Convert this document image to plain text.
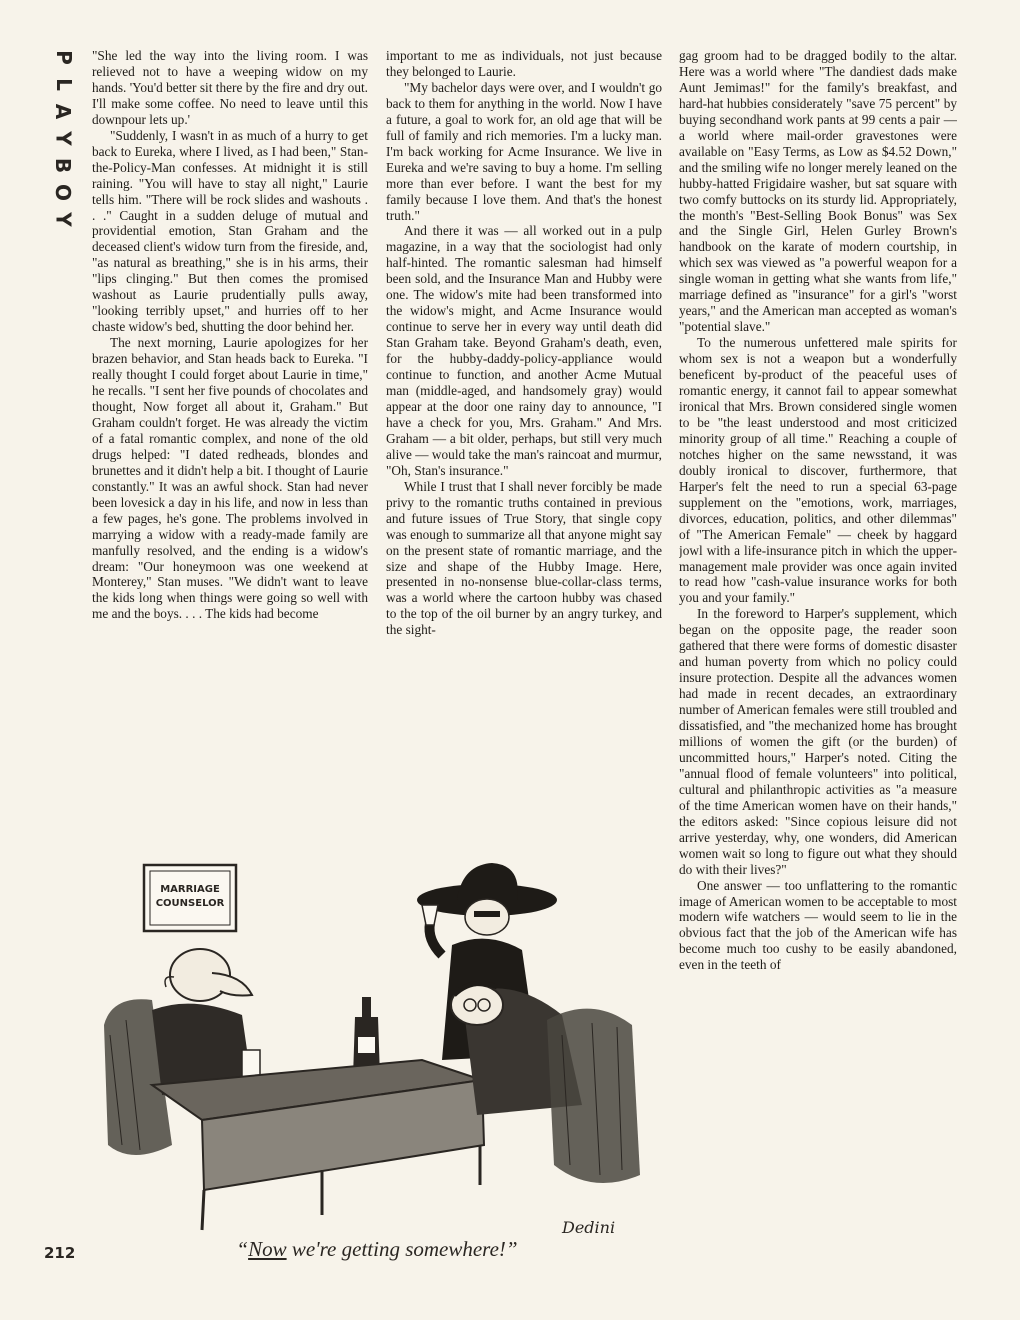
P
L
A
Y
B
O
Y

"She led the way into the living room. I was relieved not to have a weeping widow on my hands. 'You'd better sit there by the fire and dry out. I'll make some coffee. No need to leave until this downpour lets up.'

"Suddenly, I wasn't in as much of a hurry to get back to Eureka, where I lived, as I had been," Stan-the-Policy-Man confesses. At midnight it is still raining. "You will have to stay all night," Laurie tells him. "There will be rock slides and washouts . . ." Caught in a sudden deluge of mutual and providential emotion, Stan Graham and the deceased client's widow turn from the fireside, and, "as natural as breathing," she is in his arms, their "lips clinging." But then comes the promised washout as Laurie prudentially pulls away, "looking terribly upset," and hurries off to her chaste widow's bed, shutting the door behind her.

The next morning, Laurie apologizes for her brazen behavior, and Stan heads back to Eureka. "I really thought I could forget about Laurie in time," he recalls. "I sent her five pounds of chocolates and thought, Now forget all about it, Graham." But Graham couldn't forget. He was already the victim of a fatal romantic complex, and none of the old drugs helped: "I dated redheads, blondes and brunettes and it didn't help a bit. I thought of Laurie constantly." It was an awful shock. Stan had never been lovesick a day in his life, and now in less than a few pages, he's gone. The problems involved in marrying a widow with a ready-made family are manfully resolved, and the ending is a widow's dream: "Our honeymoon was one weekend at Monterey," Stan muses. "We didn't want to leave the kids long when things were going so well with me and the boys. . . . The kids had become

important to me as individuals, not just because they belonged to Laurie.

"My bachelor days were over, and I wouldn't go back to them for anything in the world. Now I have a future, a goal to work for, an old age that will be full of family and rich memories. I'm a lucky man. I'm back working for Acme Insurance. We live in Eureka and we're saving to buy a home. I'm selling more than ever before. I want the best for my family because I love them. And that's the honest truth."

And there it was — all worked out in a pulp magazine, in a way that the sociologist had only half-hinted. The romantic salesman had himself been sold, and the Insurance Man and Hubby were one. The widow's mite had been transformed into the widow's might, and Acme Insurance would continue to serve her in every way until death did Stan Graham take. Beyond Graham's death, even, for the hubby-daddy-policy-appliance would continue to function, and another Acme Mutual man (middle-aged, and handsomely gray) would appear at the door one rainy day to announce, "I have a check for you, Mrs. Graham." And Mrs. Graham — a bit older, perhaps, but still very much alive — would take the man's raincoat and murmur, "Oh, Stan's insurance."

While I trust that I shall never forcibly be made privy to the romantic truths contained in previous and future issues of True Story, that single copy was enough to summarize all that anyone might say on the present state of romantic marriage, and the size and shape of the Hubby Image. Here, presented in no-nonsense blue-collar-class terms, was a world where the cartoon hubby was chased to the top of the oil burner by an angry turkey, and the sight-

gag groom had to be dragged bodily to the altar. Here was a world where "The dandiest dads make Aunt Jemimas!" for the family's breakfast, and hard-hat hubbies considerately "save 75 percent" by buying secondhand work pants at 99 cents a pair — a world where mail-order gravestones were available on "Easy Terms, as Low as $4.52 Down," and the smiling wife no longer merely leaned on the hubby-hatted Frigidaire washer, but sat square with two comfy buttocks on its sturdy lid. Appropriately, the month's "Best-Selling Book Bonus" was Sex and the Single Girl, Helen Gurley Brown's handbook on the karate of modern courtship, in which sex was viewed as "a powerful weapon for a single woman in getting what she wants from life," marriage defined as "insurance" for a girl's "worst years," and the American man accepted as woman's "potential slave."

To the numerous unfettered male spirits for whom sex is not a weapon but a wonderfully beneficent by-product of the peaceful uses of romantic energy, it cannot fail to appear somewhat ironical that Mrs. Brown considered single women to be "the least understood and most criticized minority group of all time." Reaching a couple of notches higher on the same newsstand, it was doubly ironical to discover, furthermore, that Harper's felt the need to run a special 63-page supplement on the "emotions, work, marriages, divorces, education, politics, and other dilemmas" of "The American Female" — cheek by haggard jowl with a life-insurance pitch in which the upper-management male provider was once again invited to read how "cash-value insurance works for both you and your family."

In the foreword to Harper's supplement, which began on the opposite page, the reader soon gathered that there were forms of domestic disaster and human poverty from which no policy could insure protection. Despite all the advances women had made in recent decades, an extraordinary number of American females were still troubled and dissatisfied, and "the mechanized home has brought millions of women the gift (or the burden) of uncommitted hours," Harper's noted. Citing the "annual flood of female volunteers" into political, cultural and philanthropic activities as "a measure of the time American women have on their hands," the editors asked: "Since copious leisure did not arrive yesterday, why, one wonders, did American women wait so long to figure out what they should do with their lives?"

One answer — too unflattering to the romantic image of American women to be acceptable to most modern wife watchers — would seem to lie in the obvious fact that the job of the American wife has become much too cushy to be easily abandoned, even in the teeth of

MARRIAGE
COUNSELOR
Dedini
“Now we're getting somewhere!”
212
